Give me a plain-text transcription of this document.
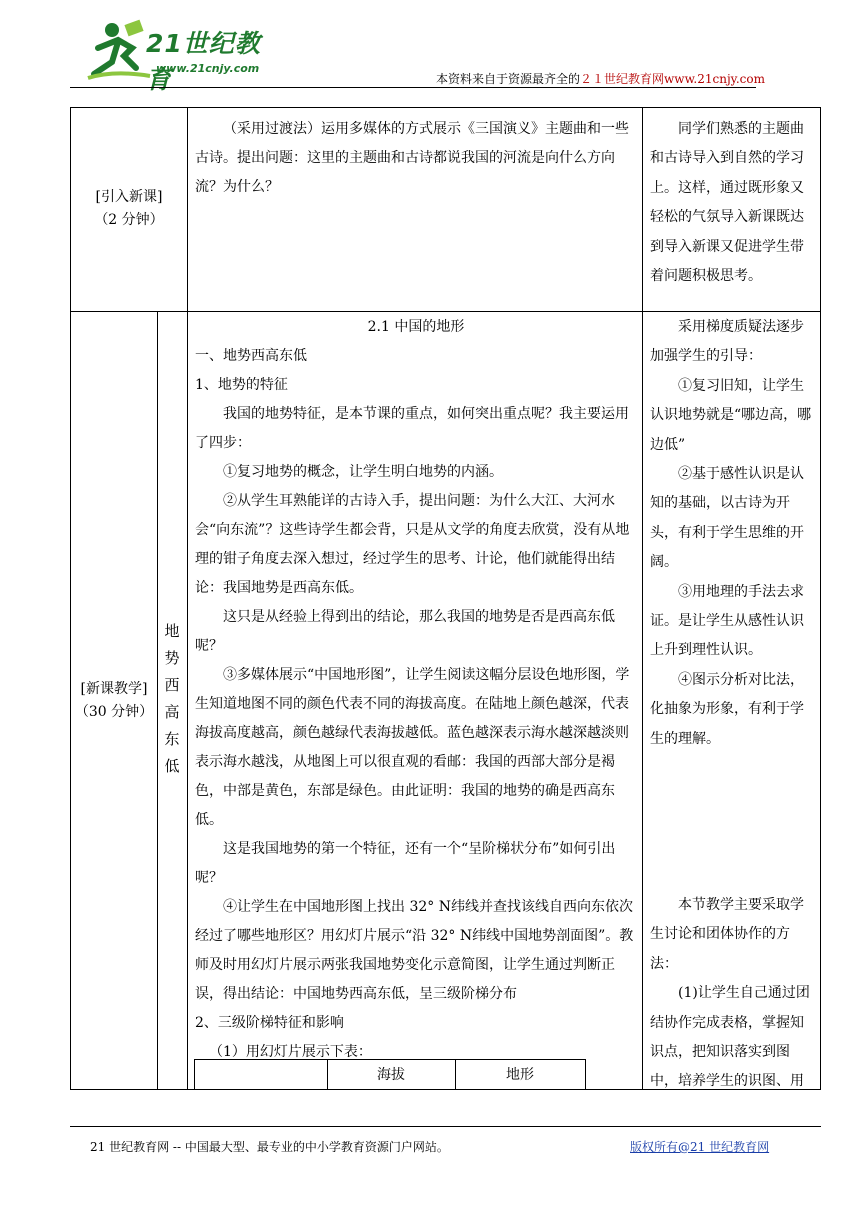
21世纪教育
www.21cnjy.com
本资料来自于资源最齐全的２１世纪教育网www.21cnjy.com
[引入新课]
（2 分钟）

（采用过渡法）运用多媒体的方式展示《三国演义》主题曲和一些古诗。提出问题：这里的主题曲和古诗都说我国的河流是向什么方向流？为什么？

同学们熟悉的主题曲和古诗导入到自然的学习上。这样，通过既形象又轻松的气氛导入新课既达到导入新课又促进学生带着问题积极思考。

[新课教学]
（30 分钟）
地势西高东低

2.1 中国的地形

一、地势西高东低

1、地势的特征

我国的地势特征，是本节课的重点，如何突出重点呢？我主要运用了四步：

①复习地势的概念，让学生明白地势的内涵。

②从学生耳熟能详的古诗入手，提出问题：为什么大江、大河水会“向东流”？这些诗学生都会背，只是从文学的角度去欣赏，没有从地理的钳子角度去深入想过，经过学生的思考、计论，他们就能得出结论：我国地势是西高东低。

这只是从经验上得到出的结论，那么我国的地势是否是西高东低呢？

③多媒体展示“中国地形图”，让学生阅读这幅分层设色地形图，学生知道地图不同的颜色代表不同的海拔高度。在陆地上颜色越深，代表海拔高度越高，颜色越绿代表海拔越低。蓝色越深表示海水越深越淡则表示海水越浅，从地图上可以很直观的看邮：我国的西部大部分是褐色，中部是黄色，东部是绿色。由此证明：我国的地势的确是西高东低。

这是我国地势的第一个特征，还有一个“呈阶梯状分布”如何引出呢？

④让学生在中国地形图上找出 32° N纬线并查找该线自西向东依次经过了哪些地形区？用幻灯片展示“沿 32° N纬线中国地势剖面图”。教师及时用幻灯片展示两张我国地势变化示意简图，让学生通过判断正误，得出结论：中国地势西高东低，呈三级阶梯分布

2、三级阶梯特征和影响

（1）用幻灯片展示下表：

海拔	地形

采用梯度质疑法逐步加强学生的引导：

①复习旧知，让学生认识地势就是“哪边高，哪边低”

②基于感性认识是认知的基础，以古诗为开头，有利于学生思维的开阔。

③用地理的手法去求证。是让学生从感性认识上升到理性认识。

④图示分析对比法，化抽象为形象，有利于学生的理解。

本节教学主要采取学生讨论和团体协作的方法：

(1)让学生自己通过团结协作完成表格，掌握知识点，把知识落实到图中，培养学生的识图、用

21 世纪教育网 -- 中国最大型、最专业的中小学教育资源门户网站。	版权所有@21 世纪教育网
